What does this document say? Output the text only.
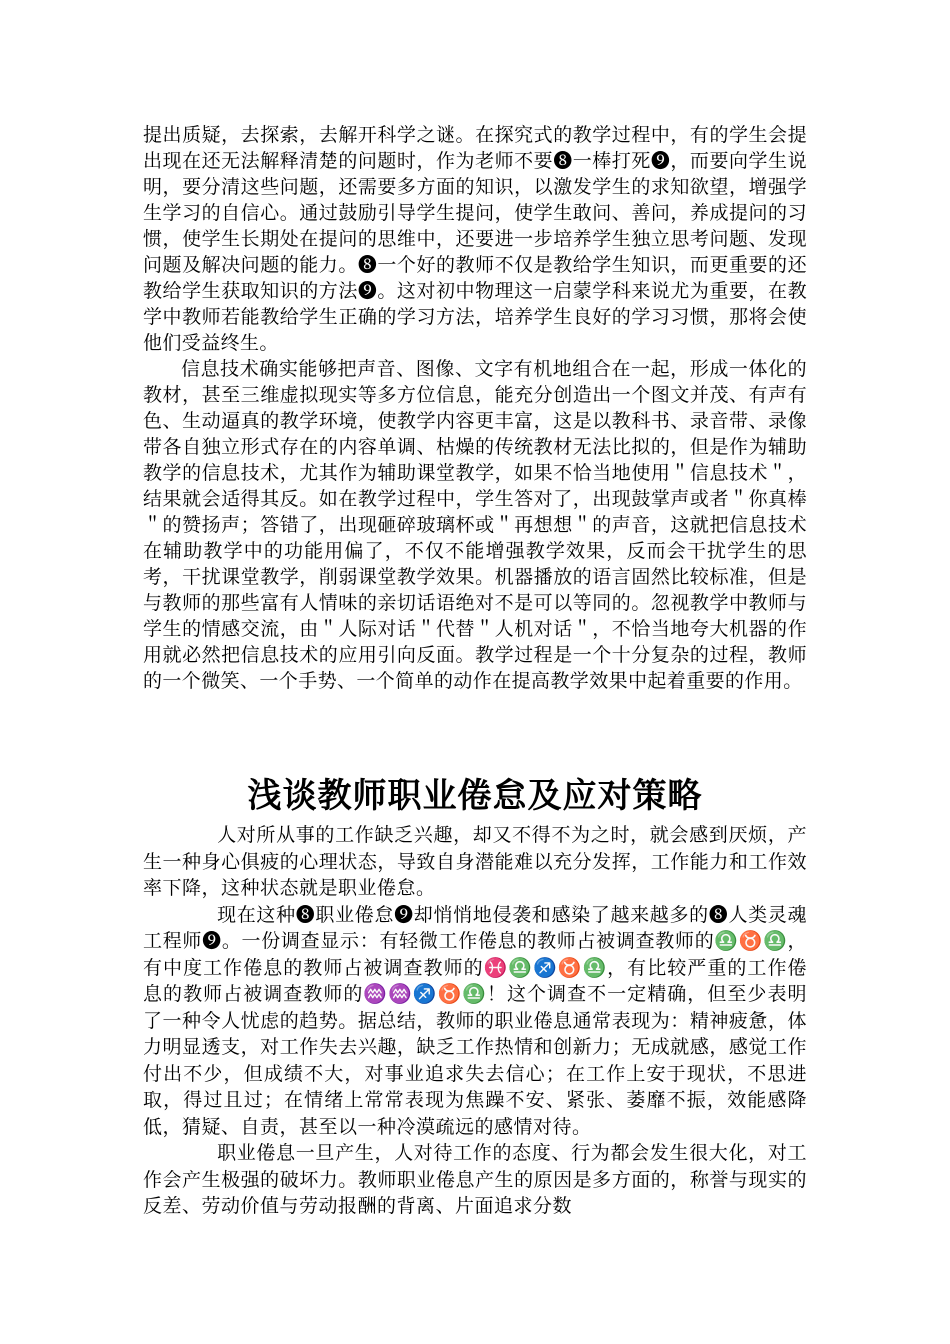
提出质疑，去探索，去解开科学之谜。在探究式的教学过程中，有的学生会提出现在还无法解释清楚的问题时，作为老师不要❽一棒打死❾，而要向学生说明，要分清这些问题，还需要多方面的知识，以激发学生的求知欲望，增强学生学习的自信心。通过鼓励引导学生提问，使学生敢问、善问，养成提问的习惯，使学生长期处在提问的思维中，还要进一步培养学生独立思考问题、发现问题及解决问题的能力。❽一个好的教师不仅是教给学生知识，而更重要的还教给学生获取知识的方法❾。这对初中物理这一启蒙学科来说尤为重要，在教学中教师若能教给学生正确的学习方法，培养学生良好的学习习惯，那将会使他们受益终生。

信息技术确实能够把声音、图像、文字有机地组合在一起，形成一体化的教材，甚至三维虚拟现实等多方位信息，能充分创造出一个图文并茂、有声有色、生动逼真的教学环境，使教学内容更丰富，这是以教科书、录音带、录像带各自独立形式存在的内容单调、枯燥的传统教材无法比拟的，但是作为辅助教学的信息技术，尤其作为辅助课堂教学，如果不恰当地使用＂信息技术＂，结果就会适得其反。如在教学过程中，学生答对了，出现鼓掌声或者＂你真棒＂的赞扬声；答错了，出现砸碎玻璃杯或＂再想想＂的声音，这就把信息技术在辅助教学中的功能用偏了，不仅不能增强教学效果，反而会干扰学生的思考，干扰课堂教学，削弱课堂教学效果。机器播放的语言固然比较标准，但是与教师的那些富有人情味的亲切话语绝对不是可以等同的。忽视教学中教师与学生的情感交流，由＂人际对话＂代替＂人机对话＂，不恰当地夸大机器的作用就必然把信息技术的应用引向反面。教学过程是一个十分复杂的过程，教师的一个微笑、一个手势、一个简单的动作在提高教学效果中起着重要的作用。

浅谈教师职业倦怠及应对策略

人对所从事的工作缺乏兴趣，却又不得不为之时，就会感到厌烦，产生一种身心俱疲的心理状态，导致自身潜能难以充分发挥，工作能力和工作效率下降，这种状态就是职业倦怠。

现在这种❽职业倦怠❾却悄悄地侵袭和感染了越来越多的❽人类灵魂工程师❾。一份调查显示：有轻微工作倦息的教师占被调查教师的♎♉♎，有中度工作倦息的教师占被调查教师的♓♎♐♉♎，有比较严重的工作倦息的教师占被调查教师的♒♒♐♉♎！这个调查不一定精确，但至少表明了一种令人忧虑的趋势。据总结，教师的职业倦息通常表现为：精神疲惫，体力明显透支，对工作失去兴趣，缺乏工作热情和创新力；无成就感，感觉工作付出不少，但成绩不大，对事业追求失去信心；在工作上安于现状，不思进取，得过且过；在情绪上常常表现为焦躁不安、紧张、萎靡不振，效能感降低，猜疑、自责，甚至以一种冷漠疏远的感情对待。

职业倦息一旦产生，人对待工作的态度、行为都会发生很大化，对工作会产生极强的破坏力。教师职业倦息产生的原因是多方面的，称誉与现实的反差、劳动价值与劳动报酬的背离、片面追求分数
